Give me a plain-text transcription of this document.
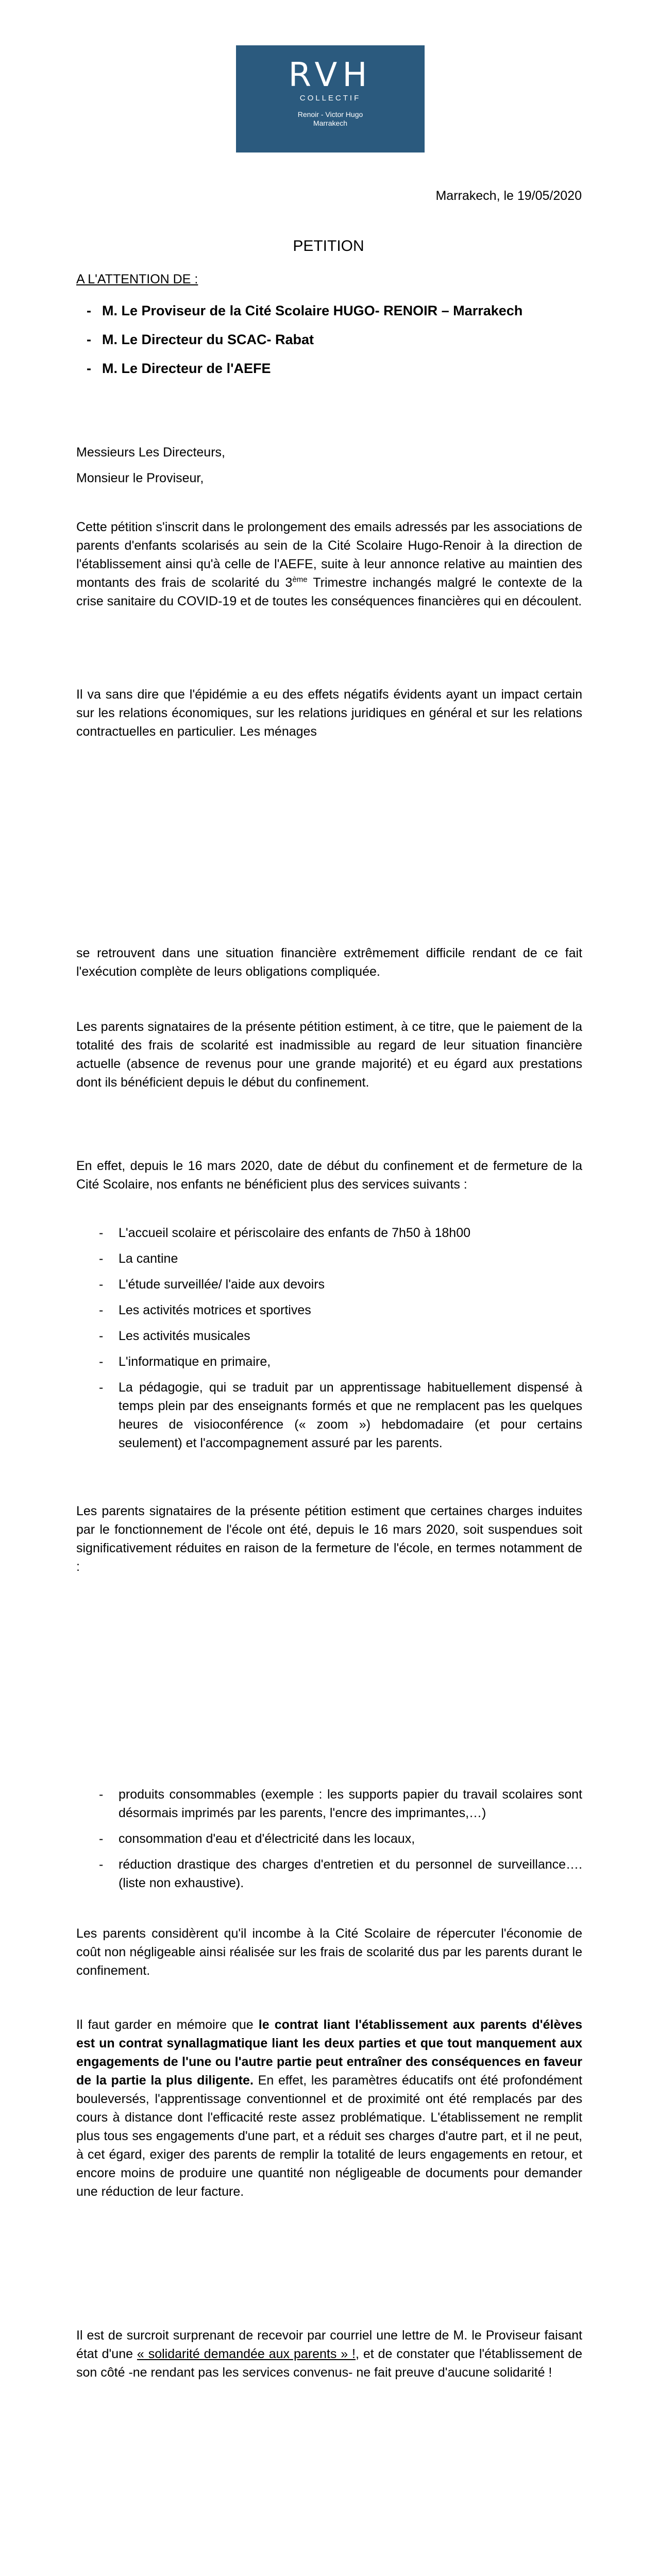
RVH
COLLECTIF
Renoir - Victor Hugo
Marrakech
Marrakech, le 19/05/2020
PETITION
A L'ATTENTION DE :
- M. Le Proviseur de la Cité Scolaire HUGO- RENOIR – Marrakech
- M. Le Directeur du SCAC- Rabat
- M. Le Directeur de l'AEFE
Messieurs Les Directeurs,
Monsieur le Proviseur,
Cette pétition s'inscrit dans le prolongement des emails adressés par les associations de parents d'enfants scolarisés au sein de la Cité Scolaire Hugo-Renoir à la direction de l'établissement ainsi qu'à celle de l'AEFE, suite à leur annonce relative au maintien des montants des frais de scolarité du 3ème Trimestre inchangés malgré le contexte de la crise sanitaire du COVID-19 et de toutes les conséquences financières qui en découlent.
Il va sans dire que l'épidémie a eu des effets négatifs évidents ayant un impact certain sur les relations économiques, sur les relations juridiques en général et sur les relations contractuelles en particulier. Les ménages
se retrouvent dans une situation financière extrêmement difficile rendant de ce fait l'exécution complète de leurs obligations compliquée.
Les parents signataires de la présente pétition estiment, à ce titre, que le paiement de la totalité des frais de scolarité est inadmissible au regard de leur situation financière actuelle (absence de revenus pour une grande majorité) et eu égard aux prestations dont ils bénéficient depuis le début du confinement.
En effet, depuis le 16 mars 2020, date de début du confinement et de fermeture de la Cité Scolaire, nos enfants ne bénéficient plus des services suivants :
- L'accueil scolaire et périscolaire des enfants de 7h50 à 18h00
- La cantine
- L'étude surveillée/ l'aide aux devoirs
- Les activités motrices et sportives
- Les activités musicales
- L'informatique en primaire,
- La pédagogie, qui se traduit par un apprentissage habituellement dispensé à temps plein par des enseignants formés et que ne remplacent pas les quelques heures de visioconférence (« zoom ») hebdomadaire (et pour certains seulement) et l'accompagnement assuré par les parents.
Les parents signataires de la présente pétition estiment que certaines charges induites par le fonctionnement de l'école ont été, depuis le 16 mars 2020, soit suspendues soit significativement réduites en raison de la fermeture de l'école, en termes notamment de :
- produits consommables (exemple : les supports papier du travail scolaires sont désormais imprimés par les parents, l'encre des imprimantes,…)
- consommation d'eau et d'électricité dans les locaux,
- réduction drastique des charges d'entretien et du personnel de surveillance…. (liste non exhaustive).
Les parents considèrent qu'il incombe à la Cité Scolaire de répercuter l'économie de coût non négligeable ainsi réalisée sur les frais de scolarité dus par les parents durant le confinement.
Il faut garder en mémoire que le contrat liant l'établissement aux parents d'élèves est un contrat synallagmatique liant les deux parties et que tout manquement aux engagements de l'une ou l'autre partie peut entraîner des conséquences en faveur de la partie la plus diligente. En effet, les paramètres éducatifs ont été profondément bouleversés, l'apprentissage conventionnel et de proximité ont été remplacés par des cours à distance dont l'efficacité reste assez problématique. L'établissement ne remplit plus tous ses engagements d'une part, et a réduit ses charges d'autre part, et il ne peut, à cet égard, exiger des parents de remplir la totalité de leurs engagements en retour, et encore moins de produire une quantité non négligeable de documents pour demander une réduction de leur facture.
Il est de surcroit surprenant de recevoir par courriel une lettre de M. le Proviseur faisant état d'une « solidarité demandée aux parents » !, et de constater que l'établissement de son côté -ne rendant pas les services convenus- ne fait preuve d'aucune solidarité !
